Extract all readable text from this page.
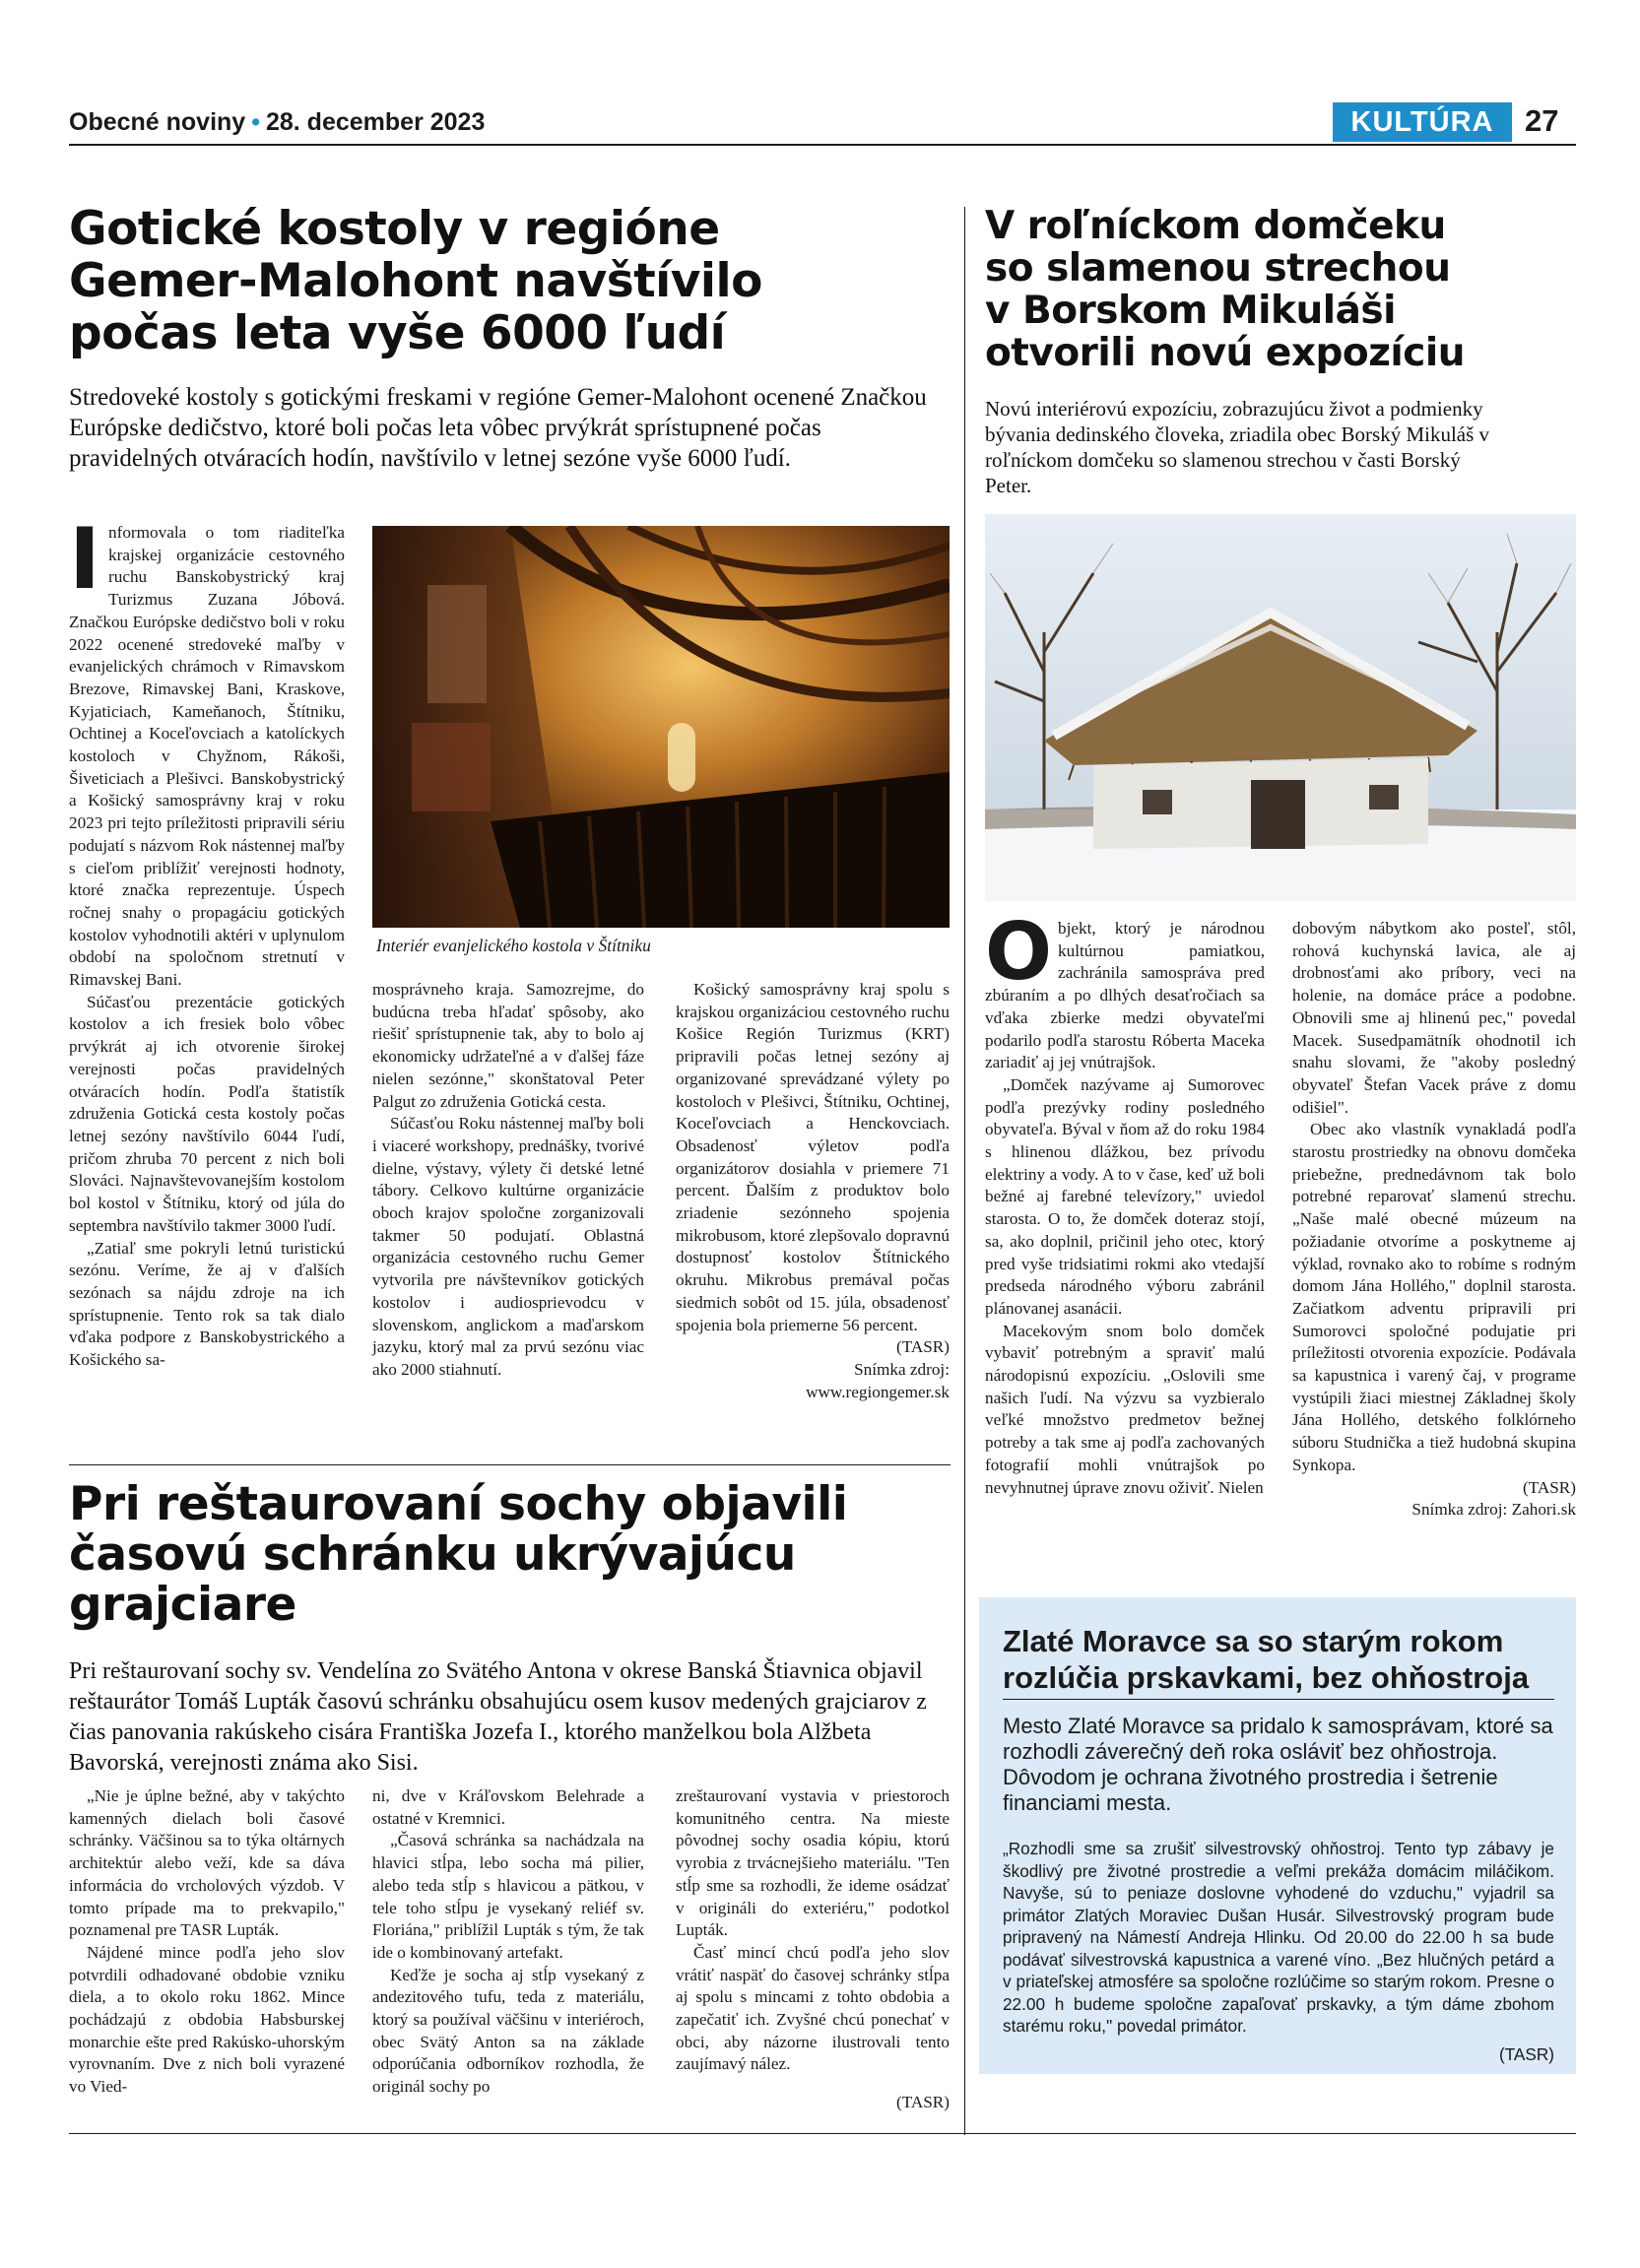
Obecné noviny • 28. december 2023	KULTÚRA	27
Gotické kostoly v regióne
Gemer-Malohont navštívilo
počas leta vyše 6000 ľudí
Stredoveké kostoly s gotickými freskami v regióne Gemer-Malohont ocenené Značkou Európske dedičstvo, ktoré boli počas leta vôbec prvýkrát sprístupnené počas pravidelných otváracích hodín, navštívilo v letnej sezóne vyše 6000 ľudí.

Informovala o tom riaditeľka krajskej organizácie cestovného ruchu Banskobystrický kraj Turizmus Zuzana Jóbová. Značkou Európske dedičstvo boli v roku 2022 ocenené stredoveké maľby v evanjelických chrámoch v Rimavskom Brezove, Rimavskej Bani, Kraskove, Kyjaticiach, Kameňanoch, Štítniku, Ochtinej a Koceľovciach a katolíckych kostoloch v Chyžnom, Rákoši, Šiveticiach a Plešivci. Banskobystrický a Košický samosprávny kraj v roku 2023 pri tejto príležitosti pripravili sériu podujatí s názvom Rok nástennej maľby s cieľom priblížiť verejnosti hodnoty, ktoré značka reprezentuje. Úspech ročnej snahy o propagáciu gotických kostolov vyhodnotili aktéri v uplynulom období na spoločnom stretnutí v Rimavskej Bani.

Súčasťou prezentácie gotických kostolov a ich fresiek bolo vôbec prvýkrát aj ich otvorenie širokej verejnosti počas pravidelných otváracích hodín. Podľa štatistík združenia Gotická cesta kostoly počas letnej sezóny navštívilo 6044 ľudí, pričom zhruba 70 percent z nich boli Slováci. Najnavštevovanejším kostolom bol kostol v Štítniku, ktorý od júla do septembra navštívilo takmer 3000 ľudí.

„Zatiaľ sme pokryli letnú turistickú sezónu. Veríme, že aj v ďalších sezónach sa nájdu zdroje na ich sprístupnenie. Tento rok sa tak dialo vďaka podpore z Banskobystrického a Košického sa-

Interiér evanjelického kostola v Štítniku

mosprávneho kraja. Samozrejme, do budúcna treba hľadať spôsoby, ako riešiť sprístupnenie tak, aby to bolo aj ekonomicky udržateľné a v ďalšej fáze nielen sezónne," skonštatoval Peter Palgut zo združenia Gotická cesta.

Súčasťou Roku nástennej maľby boli i viaceré workshopy, prednášky, tvorivé dielne, výstavy, výlety či detské letné tábory. Celkovo kultúrne organizácie oboch krajov spoločne zorganizovali takmer 50 podujatí. Oblastná organizácia cestovného ruchu Gemer vytvorila pre návštevníkov gotických kostolov i audiosprievodcu v slovenskom, anglickom a maďarskom jazyku, ktorý mal za prvú sezónu viac ako 2000 stiahnutí.

Košický samosprávny kraj spolu s krajskou organizáciou cestovného ruchu Košice Región Turizmus (KRT) pripravili počas letnej sezóny aj organizované sprevádzané výlety po kostoloch v Plešivci, Štítniku, Ochtinej, Koceľovciach a Henckovciach. Obsadenosť výletov podľa organizátorov dosiahla v priemere 71 percent. Ďalším z produktov bolo zriadenie sezónneho spojenia mikrobusom, ktoré zlepšovalo dopravnú dostupnosť kostolov Štítnického okruhu. Mikrobus premával počas siedmich sobôt od 15. júla, obsadenosť spojenia bola priemerne 56 percent.

(TASR)

Snímka zdroj:

www.regiongemer.sk

Pri reštaurovaní sochy objavili
časovú schránku ukrývajúcu
grajciare
Pri reštaurovaní sochy sv. Vendelína zo Svätého Antona v okrese Banská Štiavnica objavil reštaurátor Tomáš Lupták časovú schránku obsahujúcu osem kusov medených grajciarov z čias panovania rakúskeho cisára Františka Jozefa I., ktorého manželkou bola Alžbeta Bavorská, verejnosti známa ako Sisi.

„Nie je úplne bežné, aby v takýchto kamenných dielach boli časové schránky. Väčšinou sa to týka oltárnych architektúr alebo veží, kde sa dáva informácia do vrcholových výzdob. V tomto prípade ma to prekvapilo," poznamenal pre TASR Lupták.

Nájdené mince podľa jeho slov potvrdili odhadované obdobie vzniku diela, a to okolo roku 1862. Mince pochádzajú z obdobia Habsburskej monarchie ešte pred Rakúsko-uhorským vyrovnaním. Dve z nich boli vyrazené vo Vied-

ni, dve v Kráľovskom Belehrade a ostatné v Kremnici.

„Časová schránka sa nachádzala na hlavici stĺpa, lebo socha má pilier, alebo teda stĺp s hlavicou a pätkou, v tele toho stĺpu je vysekaný reliéf sv. Floriána," priblížil Lupták s tým, že tak ide o kombinovaný artefakt.

Keďže je socha aj stĺp vysekaný z andezitového tufu, teda z materiálu, ktorý sa používal väčšinu v interiéroch, obec Svätý Anton sa na základe odporúčania odborníkov rozhodla, že originál sochy po

zreštaurovaní vystavia v priestoroch komunitného centra. Na mieste pôvodnej sochy osadia kópiu, ktorú vyrobia z trvácnejšieho materiálu. "Ten stĺp sme sa rozhodli, že ideme osádzať v origináli do exteriéru," podotkol Lupták.

Časť mincí chcú podľa jeho slov vrátiť naspäť do časovej schránky stĺpa aj spolu s mincami z tohto obdobia a zapečatiť ich. Zvyšné chcú ponechať v obci, aby názorne ilustrovali tento zaujímavý nález.

(TASR)

V roľníckom domčeku
so slamenou strechou
v Borskom Mikuláši
otvorili novú expozíciu
Novú interiérovú expozíciu, zobrazujúcu život a podmienky bývania dedinského človeka, zriadila obec Borský Mikuláš v roľníckom domčeku so slamenou strechou v časti Borský Peter.

Objekt, ktorý je národnou kultúrnou pamiatkou, zachránila samospráva pred zbúraním a po dlhých desaťročiach sa vďaka zbierke medzi obyvateľmi podarilo podľa starostu Róberta Maceka zariadiť aj jej vnútrajšok.

„Domček nazývame aj Sumorovec podľa prezývky rodiny posledného obyvateľa. Býval v ňom až do roku 1984 s hlinenou dlážkou, bez prívodu elektriny a vody. A to v čase, keď už boli bežné aj farebné televízory," uviedol starosta. O to, že domček doteraz stojí, sa, ako doplnil, pričinil jeho otec, ktorý pred vyše tridsiatimi rokmi ako vtedajší predseda národného výboru zabránil plánovanej asanácii.

Macekovým snom bolo domček vybaviť potrebným a spraviť malú národopisnú expozíciu. „Oslovili sme našich ľudí. Na výzvu sa vyzbieralo veľké množstvo predmetov bežnej potreby a tak sme aj podľa zachovaných fotografií mohli vnútrajšok po nevyhnutnej úprave znovu oživiť. Nielen

dobovým nábytkom ako posteľ, stôl, rohová kuchynská lavica, ale aj drobnosťami ako príbory, veci na holenie, na domáce práce a podobne. Obnovili sme aj hlinenú pec," povedal Macek. Susedpamätník ohodnotil ich snahu slovami, že "akoby posledný obyvateľ Štefan Vacek práve z domu odišiel".

Obec ako vlastník vynakladá podľa starostu prostriedky na obnovu domčeka priebežne, prednedávnom tak bolo potrebné reparovať slamenú strechu. „Naše malé obecné múzeum na požiadanie otvoríme a poskytneme aj výklad, rovnako ako to robíme s rodným domom Jána Hollého," doplnil starosta. Začiatkom adventu pripravili pri Sumorovci spoločné podujatie pri príležitosti otvorenia expozície. Podávala sa kapustnica i varený čaj, v programe vystúpili žiaci miestnej Základnej školy Jána Hollého, detského folklórneho súboru Studnička a tiež hudobná skupina Synkopa.

(TASR)

Snímka zdroj: Zahori.sk

Zlaté Moravce sa so starým rokom rozlúčia prskavkami, bez ohňostroja
Mesto Zlaté Moravce sa pridalo k samosprávam, ktoré sa rozhodli záverečný deň roka osláviť bez ohňostroja. Dôvodom je ochrana životného prostredia i šetrenie financiami mesta.

„Rozhodli sme sa zrušiť silvestrovský ohňostroj. Tento typ zábavy je škodlivý pre životné prostredie a veľmi prekáža domácim miláčikom. Navyše, sú to peniaze doslovne vyhodené do vzduchu," vyjadril sa primátor Zlatých Moraviec Dušan Husár. Silvestrovský program bude pripravený na Námestí Andreja Hlinku. Od 20.00 do 22.00 h sa bude podávať silvestrovská kapustnica a varené víno. „Bez hlučných petárd a v priateľskej atmosfére sa spoločne rozlúčime so starým rokom. Presne o 22.00 h budeme spoločne zapaľovať prskavky, a tým dáme zbohom starému roku," povedal primátor.

(TASR)
